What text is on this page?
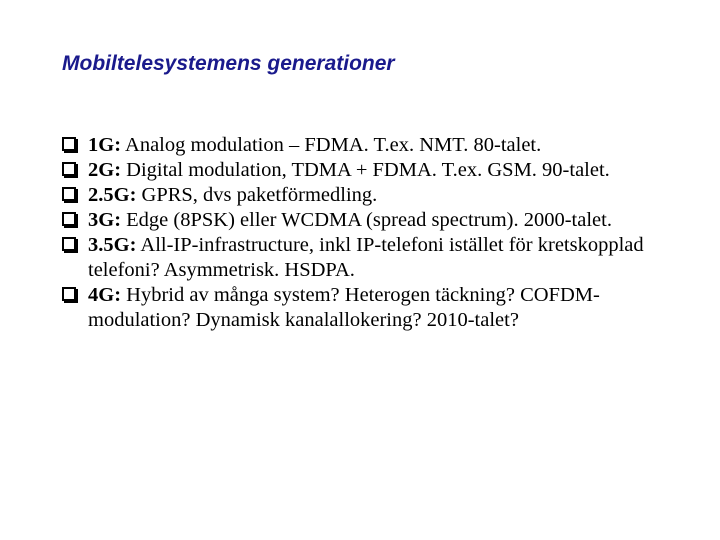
Mobiltelesystemens generationer
1G: Analog modulation – FDMA. T.ex. NMT. 80-talet.
2G: Digital modulation, TDMA + FDMA. T.ex. GSM. 90-talet.
2.5G: GPRS, dvs paketförmedling.
3G: Edge (8PSK) eller WCDMA (spread spectrum). 2000-talet.
3.5G: All-IP-infrastructure, inkl IP-telefoni istället för kretskopplad telefoni? Asymmetrisk. HSDPA.
4G: Hybrid av många system? Heterogen täckning? COFDM-modulation? Dynamisk kanalallokering? 2010-talet?
